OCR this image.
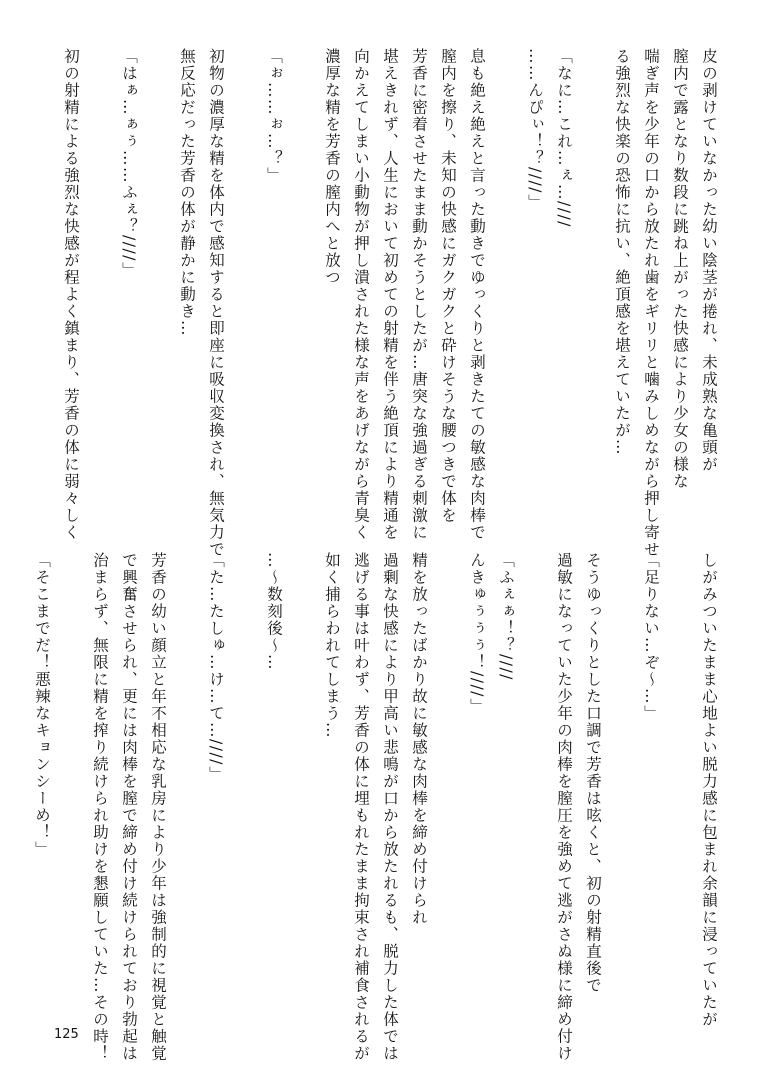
皮の剥けていなかった幼い陰茎が捲れ、未成熟な亀頭が
膣内で露となり数段に跳ね上がった快感により少女の様な
喘ぎ声を少年の口から放たれ歯をギリリと噛みしめながら押し寄せ
る強烈な快楽の恐怖に抗い、絶頂感を堪えていたが…
「なに…これ…ぇ…////
……んぴぃ！？////」
息も絶え絶えと言った動きでゆっくりと剥きたての敏感な肉棒で
膣内を擦り、未知の快感にガクガクと砕けそうな腰つきで体を
芳香に密着させたまま動かそうとしたが…唐突な強過ぎる刺激に
堪えきれず、人生において初めての射精を伴う絶頂により精通を
向かえてしまい小動物が押し潰された様な声をあげながら青臭く
濃厚な精を芳香の膣内へと放つ
「ぉ……ぉ…？」
初物の濃厚な精を体内で感知すると即座に吸収変換され、無気力で
無反応だった芳香の体が静かに動き…
「はぁ…ぁぅ……ふぇ？////」
初の射精による強烈な快感が程よく鎮まり、芳香の体に弱々しく
しがみついたまま心地よい脱力感に包まれ余韻に浸っていたが
「足りない…ぞ〜…」
そうゆっくりとした口調で芳香は呟くと、初の射精直後で
過敏になっていた少年の肉棒を膣圧を強めて逃がさぬ様に締め付け
「ふぇぁ！？////
んきゅぅぅぅ！////」
精を放ったばかり故に敏感な肉棒を締め付けられ
過剰な快感により甲高い悲鳴が口から放たれるも、脱力した体では
逃げる事は叶わず、芳香の体に埋もれたまま拘束され補食されるが
如く捕らわれてしまう…
…〜数刻後〜…
「た…たしゅ…け…て…////」
芳香の幼い顔立と年不相応な乳房により少年は強制的に視覚と触覚
で興奮させられ、更には肉棒を膣で締め付け続けられており勃起は
治まらず、無限に精を搾り続けられ助けを懇願していた…その時！
「そこまでだ！悪辣なキョンシーめ！」
125
